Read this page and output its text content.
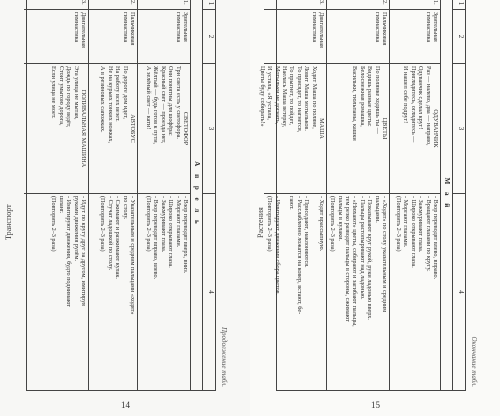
Продолжение табл.
1
2
3
4
А п р е л ь
1.
Зрительная гимнастика
СВЕТОФОР
Три света есть у светофора.
Они понятны для шофёра:
Красный свет — проезда нет,
Жёлтый — будь готов к пути,
А зелёный свет — кати!
- Взор переводят вверх, вниз.
- Моргают глазами.
- Широко открывают глаза.
- Зажмуривают глаза.
- Взор переводят вправо, влево.
(Повторить 2–3 раза)
2.
Пальчиковая гимнастика
АВТОБУС
По дороге дом идет,
На работу всех везет.
Не на курьих тонких ножках,
А в резиновых сапожках.
- Указательным и средним пальцами «ходят»
по столу.
- Сжимают и разжимают кулак.
- Стучат ладошкой по столу.
(Повторить 2–3 раза)
3.
Двигательная гимнастика
ПОЛИВАЛЬНАЯ МАШИНА
Эта улица не мытая,
Дождь по городу ведёт,
Стоит умытою дорога,
Если улица не моет.
- Идут по кругу друг за другом, имитируя
руками движения рулём.
- Имитируют движения, будто поднимают
шланг.
(Повторить 2–3 раза)
Транспорт
14
Окончание табл.
1
2
3
4
М а й
1.
Зрительная гимнастика
ОДУВАНЧИК
Раз — налево, два — направо,
Одуванчик сделал круг!
Приглядитесь, оглядитесь —
И нашел себе подруг!
- Взор переводят влево, вправо.
- Вращают глазами по кругу.
- Зажмуривают глаза.
- Широко открывают глаза.
- Моргают глазами.
(Повторить 2–3 раза)
2.
Пальчиковая гимнастика
ЦВЕТЫ
По полянке ходишь ты —
Видишь разные цветы:
Белоснежная ромашка,
Васильки, тюльпаны, кашки
- «Ходят» по столу указательным и средним
пальцами.
- Показывают круг рукой, руки ладонью вверх.
- Пальцы растопыривают над ладонью.
- «Нюхают» цветы, собирают и загибают пальцы,
тем резко разводят пальцы в стороны, сжимают
пальцы в кулаки.
(Повторить 2–3 раза)
3.
Двигательная гимнастика
МАША
Ходит Маша по поляне,
Ловит Маша мотыльков.
То присядет, то нагнется,
То прыгнет, то пойдет,
Наелась Маша ветерку,
Мотыльки не догнать,
И устала, «Я устала,
Цветы буду собирать!»
- Ходят врассыпную.

- Приседают, наклоняются.
- Расслабленно ложатся на ковер, встают, бе-
гают.

- Имитируют движения сбора цветов.
(Повторить 2–3 раза)
Растения
15
